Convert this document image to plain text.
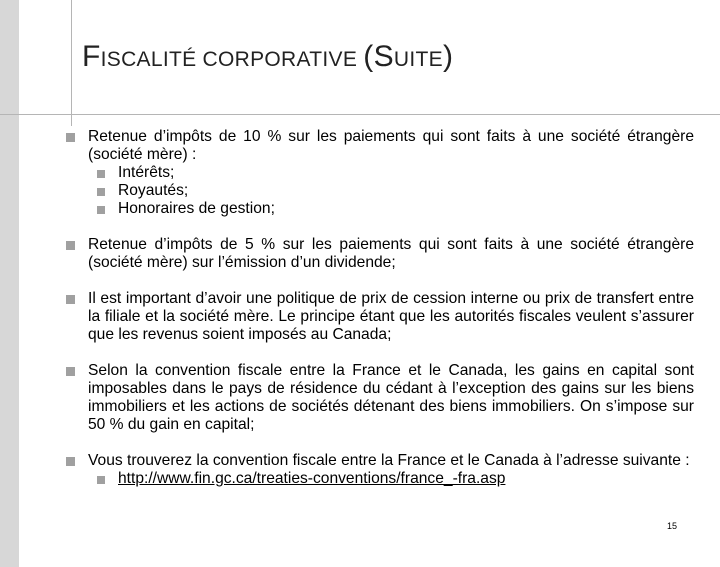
FISCALITÉ CORPORATIVE (SUITE)
Retenue d’impôts de 10 % sur les paiements qui sont faits à une société étrangère (société mère) :
Intérêts;
Royautés;
Honoraires de gestion;
Retenue d’impôts de 5 % sur les paiements qui sont faits à une société étrangère (société mère) sur l’émission d’un dividende;
Il est important d’avoir une politique de prix de cession interne ou prix de transfert entre la filiale et la société mère. Le principe étant que les autorités fiscales veulent s’assurer que les revenus soient imposés au Canada;
Selon la convention fiscale entre la France et le Canada, les gains en capital sont imposables dans le pays de résidence du cédant à l’exception des gains sur les biens immobiliers et les actions de sociétés détenant des biens immobiliers. On s’impose sur 50 % du gain en capital;
Vous trouverez la convention fiscale entre la France et le Canada à l’adresse suivante :
http://www.fin.gc.ca/treaties-conventions/france_-fra.asp
15
